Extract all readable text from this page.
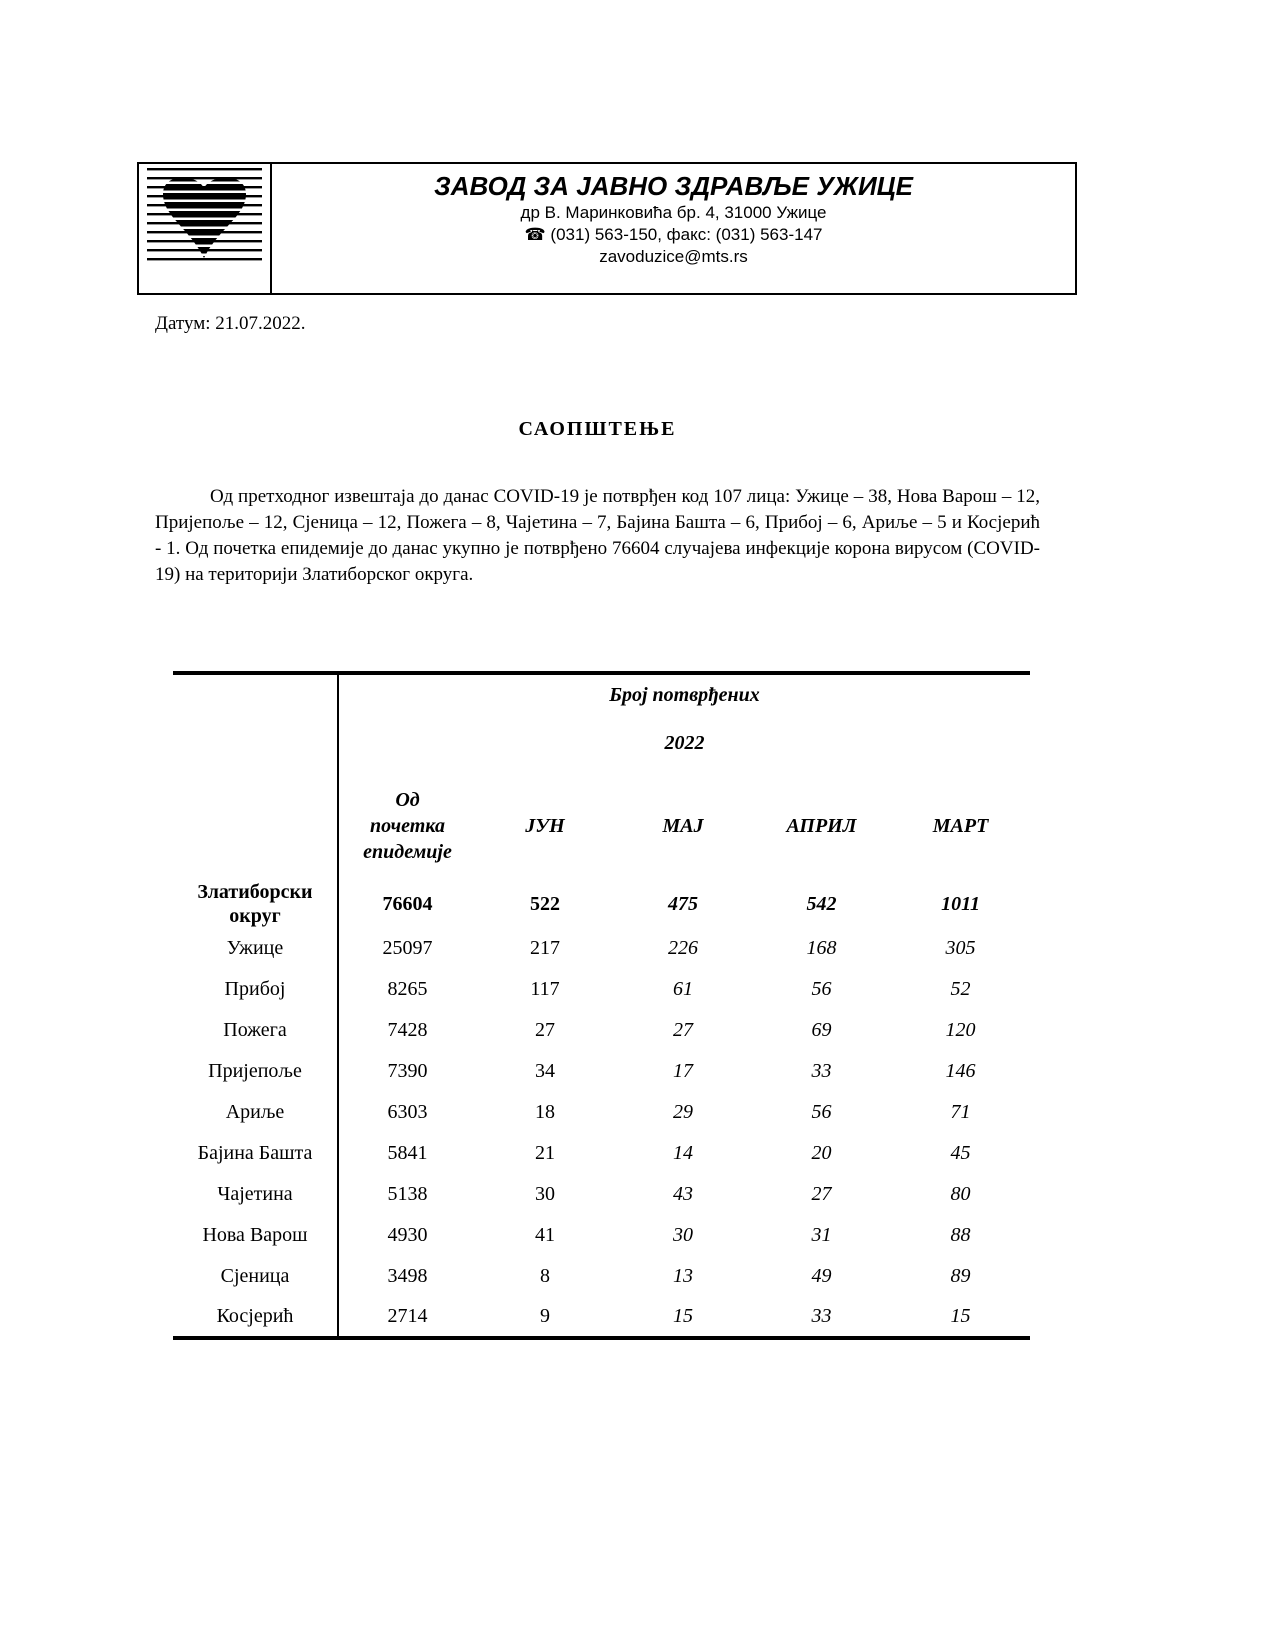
ЗАВОД ЗА ЈАВНО ЗДРАВЉЕ УЖИЦЕ
др В. Маринковића бр. 4, 31000 Ужице
☎ (031) 563-150, факс: (031) 563-147
zavoduzice@mts.rs
Датум: 21.07.2022.
САОПШТЕЊЕ
Од претходног извештаја до данас COVID-19 је потврђен код 107 лица: Ужице – 38, Нова Варош – 12, Пријепоље – 12, Сјеница – 12, Пожега – 8, Чајетина – 7, Бајина Башта – 6, Прибој – 6, Ариље – 5 и Косјерић - 1. Од почетка епидемије до данас укупно је потврђено 76604 случајева инфекције корона вирусом (COVID-19) на територији Златиборског округа.
	Број потврђених				
	2022				

	Од почетка епидемије	ЈУН	МАЈ	АПРИЛ	МАРТ

Златиборски округ	76604	522	475	542	1011
Ужице	25097	217	226	168	305
Прибој	8265	117	61	56	52
Пожега	7428	27	27	69	120
Пријепоље	7390	34	17	33	146
Ариље	6303	18	29	56	71
Бајина Башта	5841	21	14	20	45
Чајетина	5138	30	43	27	80
Нова Варош	4930	41	30	31	88
Сјеница	3498	8	13	49	89
Косјерић	2714	9	15	33	15
